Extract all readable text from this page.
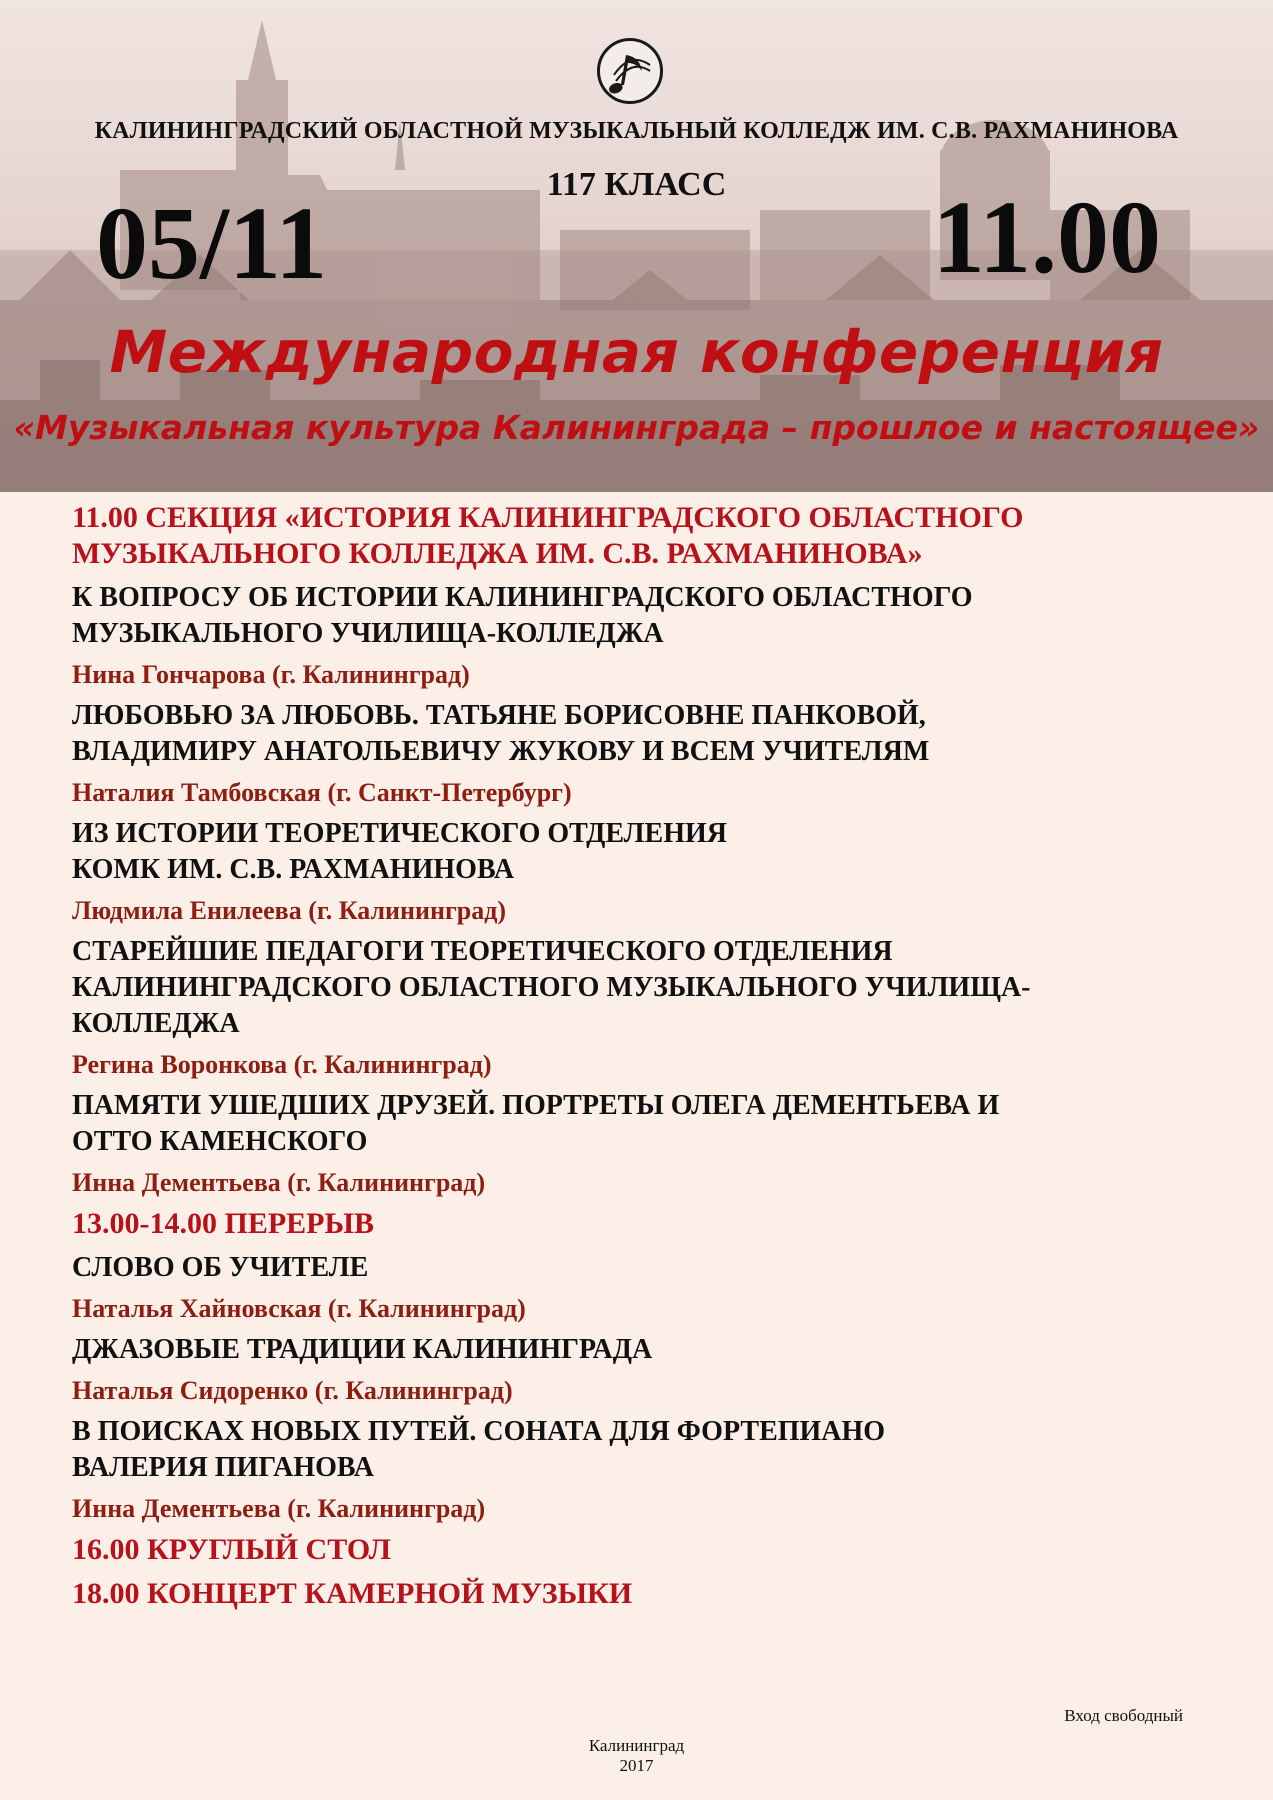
КАЛИНИНГРАДСКИЙ ОБЛАСТНОЙ МУЗЫКАЛЬНЫЙ КОЛЛЕДЖ ИМ. С.В. РАХМАНИНОВА
117 КЛАСС
05/11	11.00
Международная конференция
«Музыкальная культура Калининграда – прошлое и настоящее»
11.00 СЕКЦИЯ «ИСТОРИЯ КАЛИНИНГРАДСКОГО ОБЛАСТНОГО
МУЗЫКАЛЬНОГО КОЛЛЕДЖА ИМ. С.В. РАХМАНИНОВА»
К ВОПРОСУ ОБ ИСТОРИИ КАЛИНИНГРАДСКОГО ОБЛАСТНОГО
МУЗЫКАЛЬНОГО УЧИЛИЩА-КОЛЛЕДЖА
Нина Гончарова (г. Калининград)
ЛЮБОВЬЮ ЗА ЛЮБОВЬ. ТАТЬЯНЕ БОРИСОВНЕ ПАНКОВОЙ,
ВЛАДИМИРУ АНАТОЛЬЕВИЧУ ЖУКОВУ И ВСЕМ УЧИТЕЛЯМ
Наталия Тамбовская (г. Санкт-Петербург)
ИЗ ИСТОРИИ ТЕОРЕТИЧЕСКОГО ОТДЕЛЕНИЯ
КОМК ИМ. С.В. РАХМАНИНОВА
Людмила Енилеева (г. Калининград)
СТАРЕЙШИЕ ПЕДАГОГИ ТЕОРЕТИЧЕСКОГО ОТДЕЛЕНИЯ
КАЛИНИНГРАДСКОГО ОБЛАСТНОГО МУЗЫКАЛЬНОГО УЧИЛИЩА-
КОЛЛЕДЖА
Регина Воронкова (г. Калининград)
ПАМЯТИ УШЕДШИХ ДРУЗЕЙ. ПОРТРЕТЫ ОЛЕГА ДЕМЕНТЬЕВА И
ОТТО КАМЕНСКОГО
Инна Дементьева (г. Калининград)
13.00-14.00 ПЕРЕРЫВ
СЛОВО ОБ УЧИТЕЛЕ
Наталья Хайновская (г. Калининград)
ДЖАЗОВЫЕ ТРАДИЦИИ КАЛИНИНГРАДА
Наталья Сидоренко (г. Калининград)
В ПОИСКАХ НОВЫХ ПУТЕЙ. СОНАТА ДЛЯ ФОРТЕПИАНО
ВАЛЕРИЯ ПИГАНОВА
Инна Дементьева (г. Калининград)
16.00 КРУГЛЫЙ СТОЛ
18.00 КОНЦЕРТ КАМЕРНОЙ МУЗЫКИ
Вход свободный
Калининград
2017
